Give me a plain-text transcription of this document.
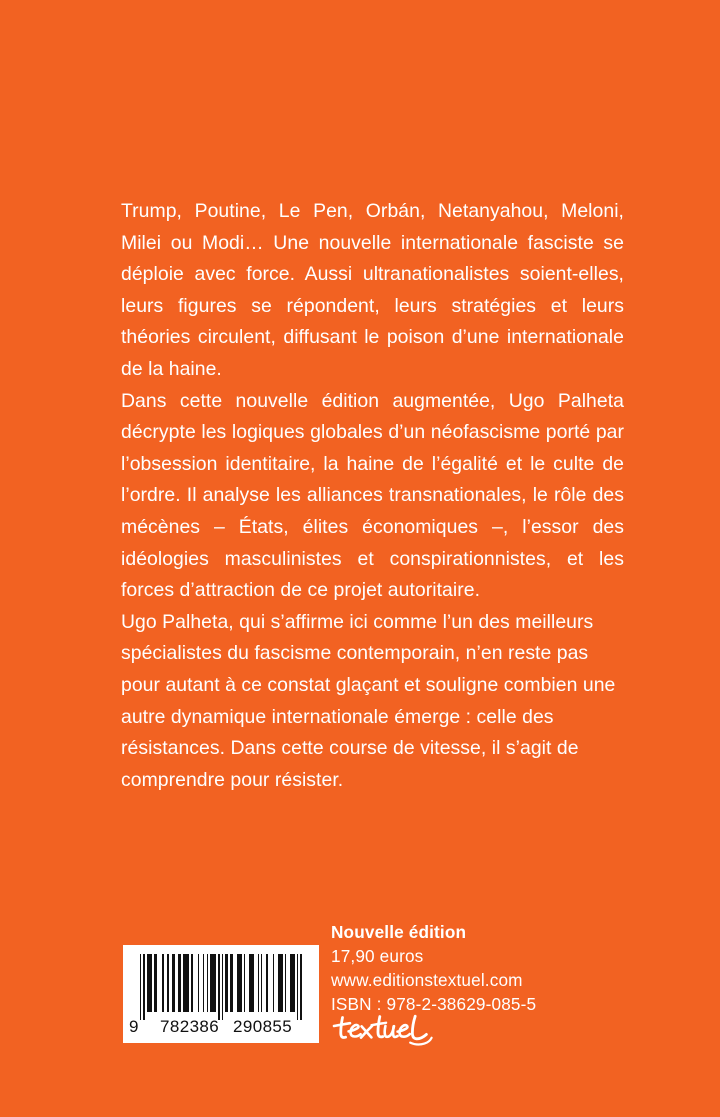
Trump, Poutine, Le Pen, Orbán, Netanyahou, Meloni, Milei ou Modi… Une nouvelle internationale fasciste se déploie avec force. Aussi ultranationalistes soient-elles, leurs figures se répondent, leurs stratégies et leurs théories circulent, diffusant le poison d’une internationale de la haine.

Dans cette nouvelle édition augmentée, Ugo Palheta décrypte les logiques globales d’un néofascisme porté par l’obsession identitaire, la haine de l’égalité et le culte de l’ordre. Il analyse les alliances transnationales, le rôle des mécènes – États, élites économiques –, l’essor des idéologies masculinistes et conspirationnistes, et les forces d’attraction de ce projet autoritaire.

Ugo Palheta, qui s’affirme ici comme l’un des meilleurs spécialistes du fascisme contemporain, n’en reste pas pour autant à ce constat glaçant et souligne combien une autre dynamique internationale émerge : celle des résistances. Dans cette course de vitesse, il s’agit de comprendre pour résister.

9

782386

290855

Nouvelle édition
17,90 euros
www.editionstextuel.com
ISBN : 978-2-38629-085-5
